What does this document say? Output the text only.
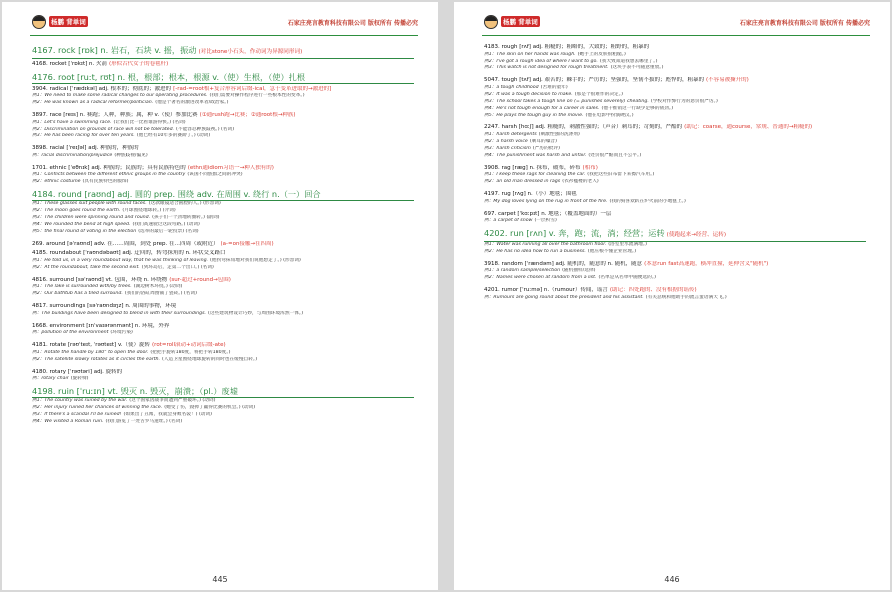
杨鹏 背单词	石家庄亮言教育科技有限公司 版权所有 传播必究
4167. rock [rɒk] n. 岩石，石块 v. 摇，振动 (对比stone小石头，作动词为异源同形词)
4168. rocket [ˈrɒkɪt] n. 火箭 (形似古代女子的卷毯杆)
4176. root [ru:t, rʊt] n. 根，根部；根本，根源 v.（使）生根，（使）扎根
3904. radical [ˈrædɪkəl] adj. 根本的；彻底的；激进的 [-rad-=root根+复合形容词后缀-ical，急于变革进取的→激进的]
例1：We need to make some radical changes to our operating procedures. (我们需要对操作程序进行一些根本性的变革。)
例2：He was known as a radical reformer/politician. (他是个著名的激进改革者/政治家。)
3897. race [reɪs] n. 赛跑；人种，种族；属，种 v.（使）参加比赛 (①通rush跑→比赛；②通root根→种族)
例1：Let's have a swimming race. (让我们比一比看谁游得快。) (名词)
例2：Discrimination on grounds of race will not be tolerated. (不能容忍种族歧视。) (名词)
例3：He has been racing for over ten years. (他已经有10年多的赛龄了。) (动词)
3898. racial [ˈreɪʃəl] adj. 种族的，种族的
例：racial discrimination/prejudice (种族歧视/偏见)
1701. ethnic [ˈeθnɪk] adj. 种族的；民族的；具有民族特色的 (ethn通idiom习语一→种人独有的)
例1：Conflicts between the different ethnic groups in the country (该国不同族群之间的冲突)
例2：ethnic costume (具有民族特色的服饰)
4184. round [raʊnd] adj. 圆的 prep. 围绕 adv. 在周围 v. 绕行 n.（一）回合
例1：These glasses suit people with round faces. (这款眼镜适合圆脸的人。) (形容词)
例2：The moon goes round the earth. (月球围绕地球转。) (介词)
例3：The children were spinning round and round. (孩子们一个劲地转圈转。) (副词)
例4：We rounded the bend at high speed. (我们高速驶过这段弯路。) (动词)
例5：the final round of voting in the election (选举的最后一轮投票) (名词)
269. around [əˈraʊnd] adv. 在……周围，到处 prep. 在…四周（或附近） (a-=on接触→在四周)
4185. roundabout [ˈraʊndəbaʊt] adj. 迂回的，转弯抹角的 n. 环状交叉路口
例1：He told us, in a very roundabout way, that he was thinking of leaving. (他拐弯抹角地对我们说他想走了。) (形容词)
例2：At the roundabout, take the second exit. (到环岛后，走第二个出口。) (名词)
4816. surround [səˈraʊnd] vt. 包围，环绕 n. 环绕物 (sur-超过+round→包围)
例1：The lake is surrounded with/by trees. (湖边树木环绕。) (动词)
例2：Our bathtub has a tiled surround. (我们的浴缸周围铺了瓷砖。) (名词)
4817. surroundings [səˈraʊndɪŋz] n. 周围的事物，环境
例：The buildings have been designed to blend in with their surroundings. (这些建筑物设计巧妙，与周围环境浑然一体。)
1668. environment [ɪnˈvaɪərənmənt] n. 环境，外界
例：pollution of the environment (环境污染)
4181. rotate [rəʊˈteɪt, ˈrəʊteɪt] v.（使）旋转 (rot=roll滚动+动词后缀-ate)
例1：Rotate the handle by 180° to open the door. (把把手旋转180度，将把手转180度。)
例2：The satellite slowly rotates as it circles the earth. (人造卫星围绕地球旋转的同时也在缓慢自转。)
4180. rotary [ˈrəʊtəri] adj. 旋转的
例：rotary chair (旋转椅)
4198. ruin [ˈruːɪn] vt. 毁灭 n. 毁灭，崩溃；（pl.）废墟
例1：The country was ruined by the war. (这个国家因战争而遭到严重破坏。) (动词)
例2：Her injury ruined her chances of winning the race. (她受了伤，毁掉了赢得比赛的机会。) (动词)
例3：If there's a scandal I'll be ruined! (如果出了丑闻，我就会身败名裂！) (动词)
例4：We visited a Roman ruin. (我们游览了一处古罗马遗址。) (名词)
445
杨鹏 背单词	石家庄亮言教育科技有限公司 版权所有 传播必究
4183. rough [rʌf] adj. 粗糙的；粗略的，大致的；粗野的，粗暴的
例1：The skin on her hands was rough. (她手上的皮肤很粗糙。)
例2：I've got a rough idea of where I want to go. (我大致知道我想去哪里了。)
例3：This watch is not designed for rough treatment. (这块手表不可随意重放。)
5047. tough [tʌf] adj. 艰苦的；棘手的；严厉的；坚强的，坚韧不拔的；彪悍的，粗暴的 (不容易被撕开的)
例1：a tough childhood (苦难的童年)
例2：It was a tough decision to make. (那是个很难作的决定。)
例3：The school takes a tough line on (= punishes severely) cheating. (学校对作弊行为的惩罚很严厉。)
例4：He's not tough enough for a career in sales. (他干推销这一行缺少足够的韧劲。)
例5：He plays the tough guy in the movie. (他在电影中扮演硬汉。)
2247. harsh [hɑːʃ] adj. 粗糙的，刺激性强的；（声音）刺耳的；苛刻的，严酷的 (助记：coarse，通course，常规、普通的→粗糙的)
例1：harsh detergents (刺激性强的洗涤剂)
例2：a harsh voice (刺耳的嗓音)
例3：harsh criticism (严厉的批评)
例4：The punishment was harsh and unfair. (处罚很严酷而且不公平。)
3908. rag [ræg] n. 抹布，破布，碎布 (相布)
例1：I keep these rags for cleaning the car. (我把这些旧布留下来擦汽车用。)
例2：an old man dressed in rags (衣衫褴褛的老人)
4197. rug [rʌg] n.（小）地毯；围毯
例：My dog loves lying on the rug in front of the fire. (我的狗喜欢趴在炉火前的小地毯上。)
697. carpet [ˈkɑːpɪt] n. 地毯；（覆盖地面的）一层
例：a carpet of snow (一层积雪)
4202. run [rʌn] v. 奔，跑；流，淌；经营；运转 (使跑起来→经营、运转)
例1：Water was running all over the bathroom floor. (浴室里水流满地。)
例2：He has no idea how to run a business. (他压根不懂企业管理。)
3918. random [ˈrændəm] adj. 随机的，随意的 n. 随机，随意 (本意run fast高速跑，横冲直撞，延伸含义"随机")
例1：a random sample/selection (随机抽样/选择)
例2：Names were chosen at random from a list. (名单是从名单中随便选的。)
4201. rumor [ˈruːmə] n.（rumour）传闻，谣言 (助记：四处跑的、没有根据的谣传)
例：Rumours are going round about the president and his assistant. (有关总统和他助手的流言蜚语满天飞。)
446
